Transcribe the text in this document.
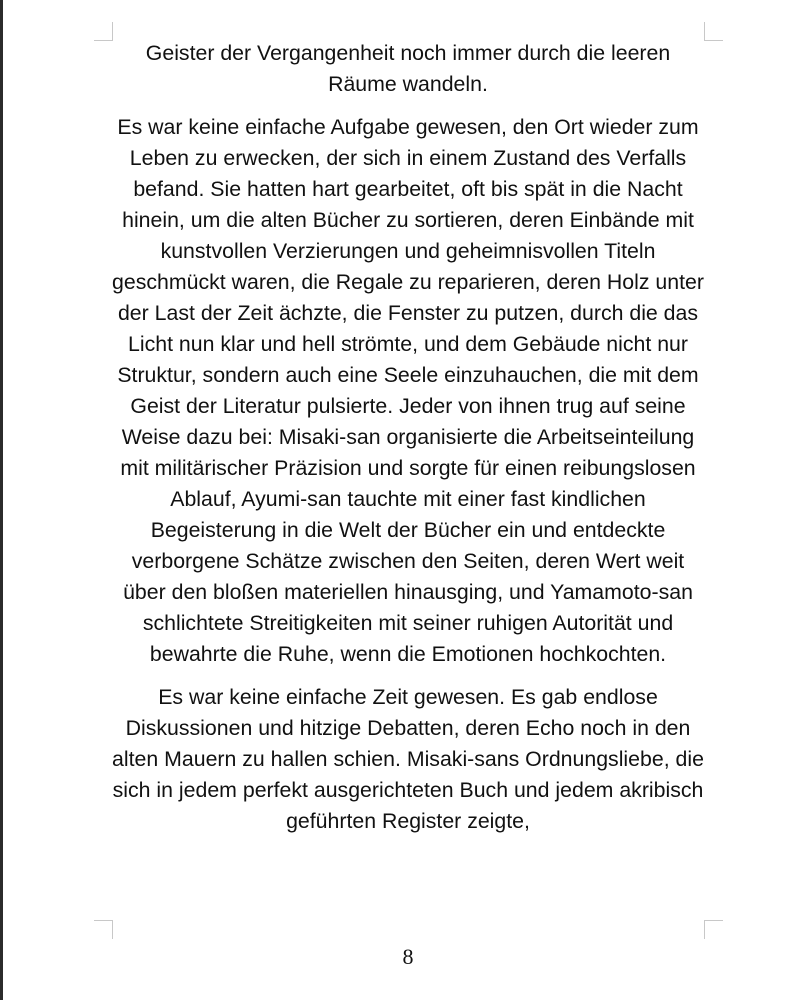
Geister der Vergangenheit noch immer durch die leeren Räume wandeln.

Es war keine einfache Aufgabe gewesen, den Ort wieder zum Leben zu erwecken, der sich in einem Zustand des Verfalls befand. Sie hatten hart gearbeitet, oft bis spät in die Nacht hinein, um die alten Bücher zu sortieren, deren Einbände mit kunstvollen Verzierungen und geheimnisvollen Titeln geschmückt waren, die Regale zu reparieren, deren Holz unter der Last der Zeit ächzte, die Fenster zu putzen, durch die das Licht nun klar und hell strömte, und dem Gebäude nicht nur Struktur, sondern auch eine Seele einzuhauchen, die mit dem Geist der Literatur pulsierte. Jeder von ihnen trug auf seine Weise dazu bei: Misaki-san organisierte die Arbeitseinteilung mit militärischer Präzision und sorgte für einen reibungslosen Ablauf, Ayumi-san tauchte mit einer fast kindlichen Begeisterung in die Welt der Bücher ein und entdeckte verborgene Schätze zwischen den Seiten, deren Wert weit über den bloßen materiellen hinausging, und Yamamoto-san schlichtete Streitigkeiten mit seiner ruhigen Autorität und bewahrte die Ruhe, wenn die Emotionen hochkochten.

Es war keine einfache Zeit gewesen. Es gab endlose Diskussionen und hitzige Debatten, deren Echo noch in den alten Mauern zu hallen schien. Misaki-sans Ordnungsliebe, die sich in jedem perfekt ausgerichteten Buch und jedem akribisch geführten Register zeigte,

8
